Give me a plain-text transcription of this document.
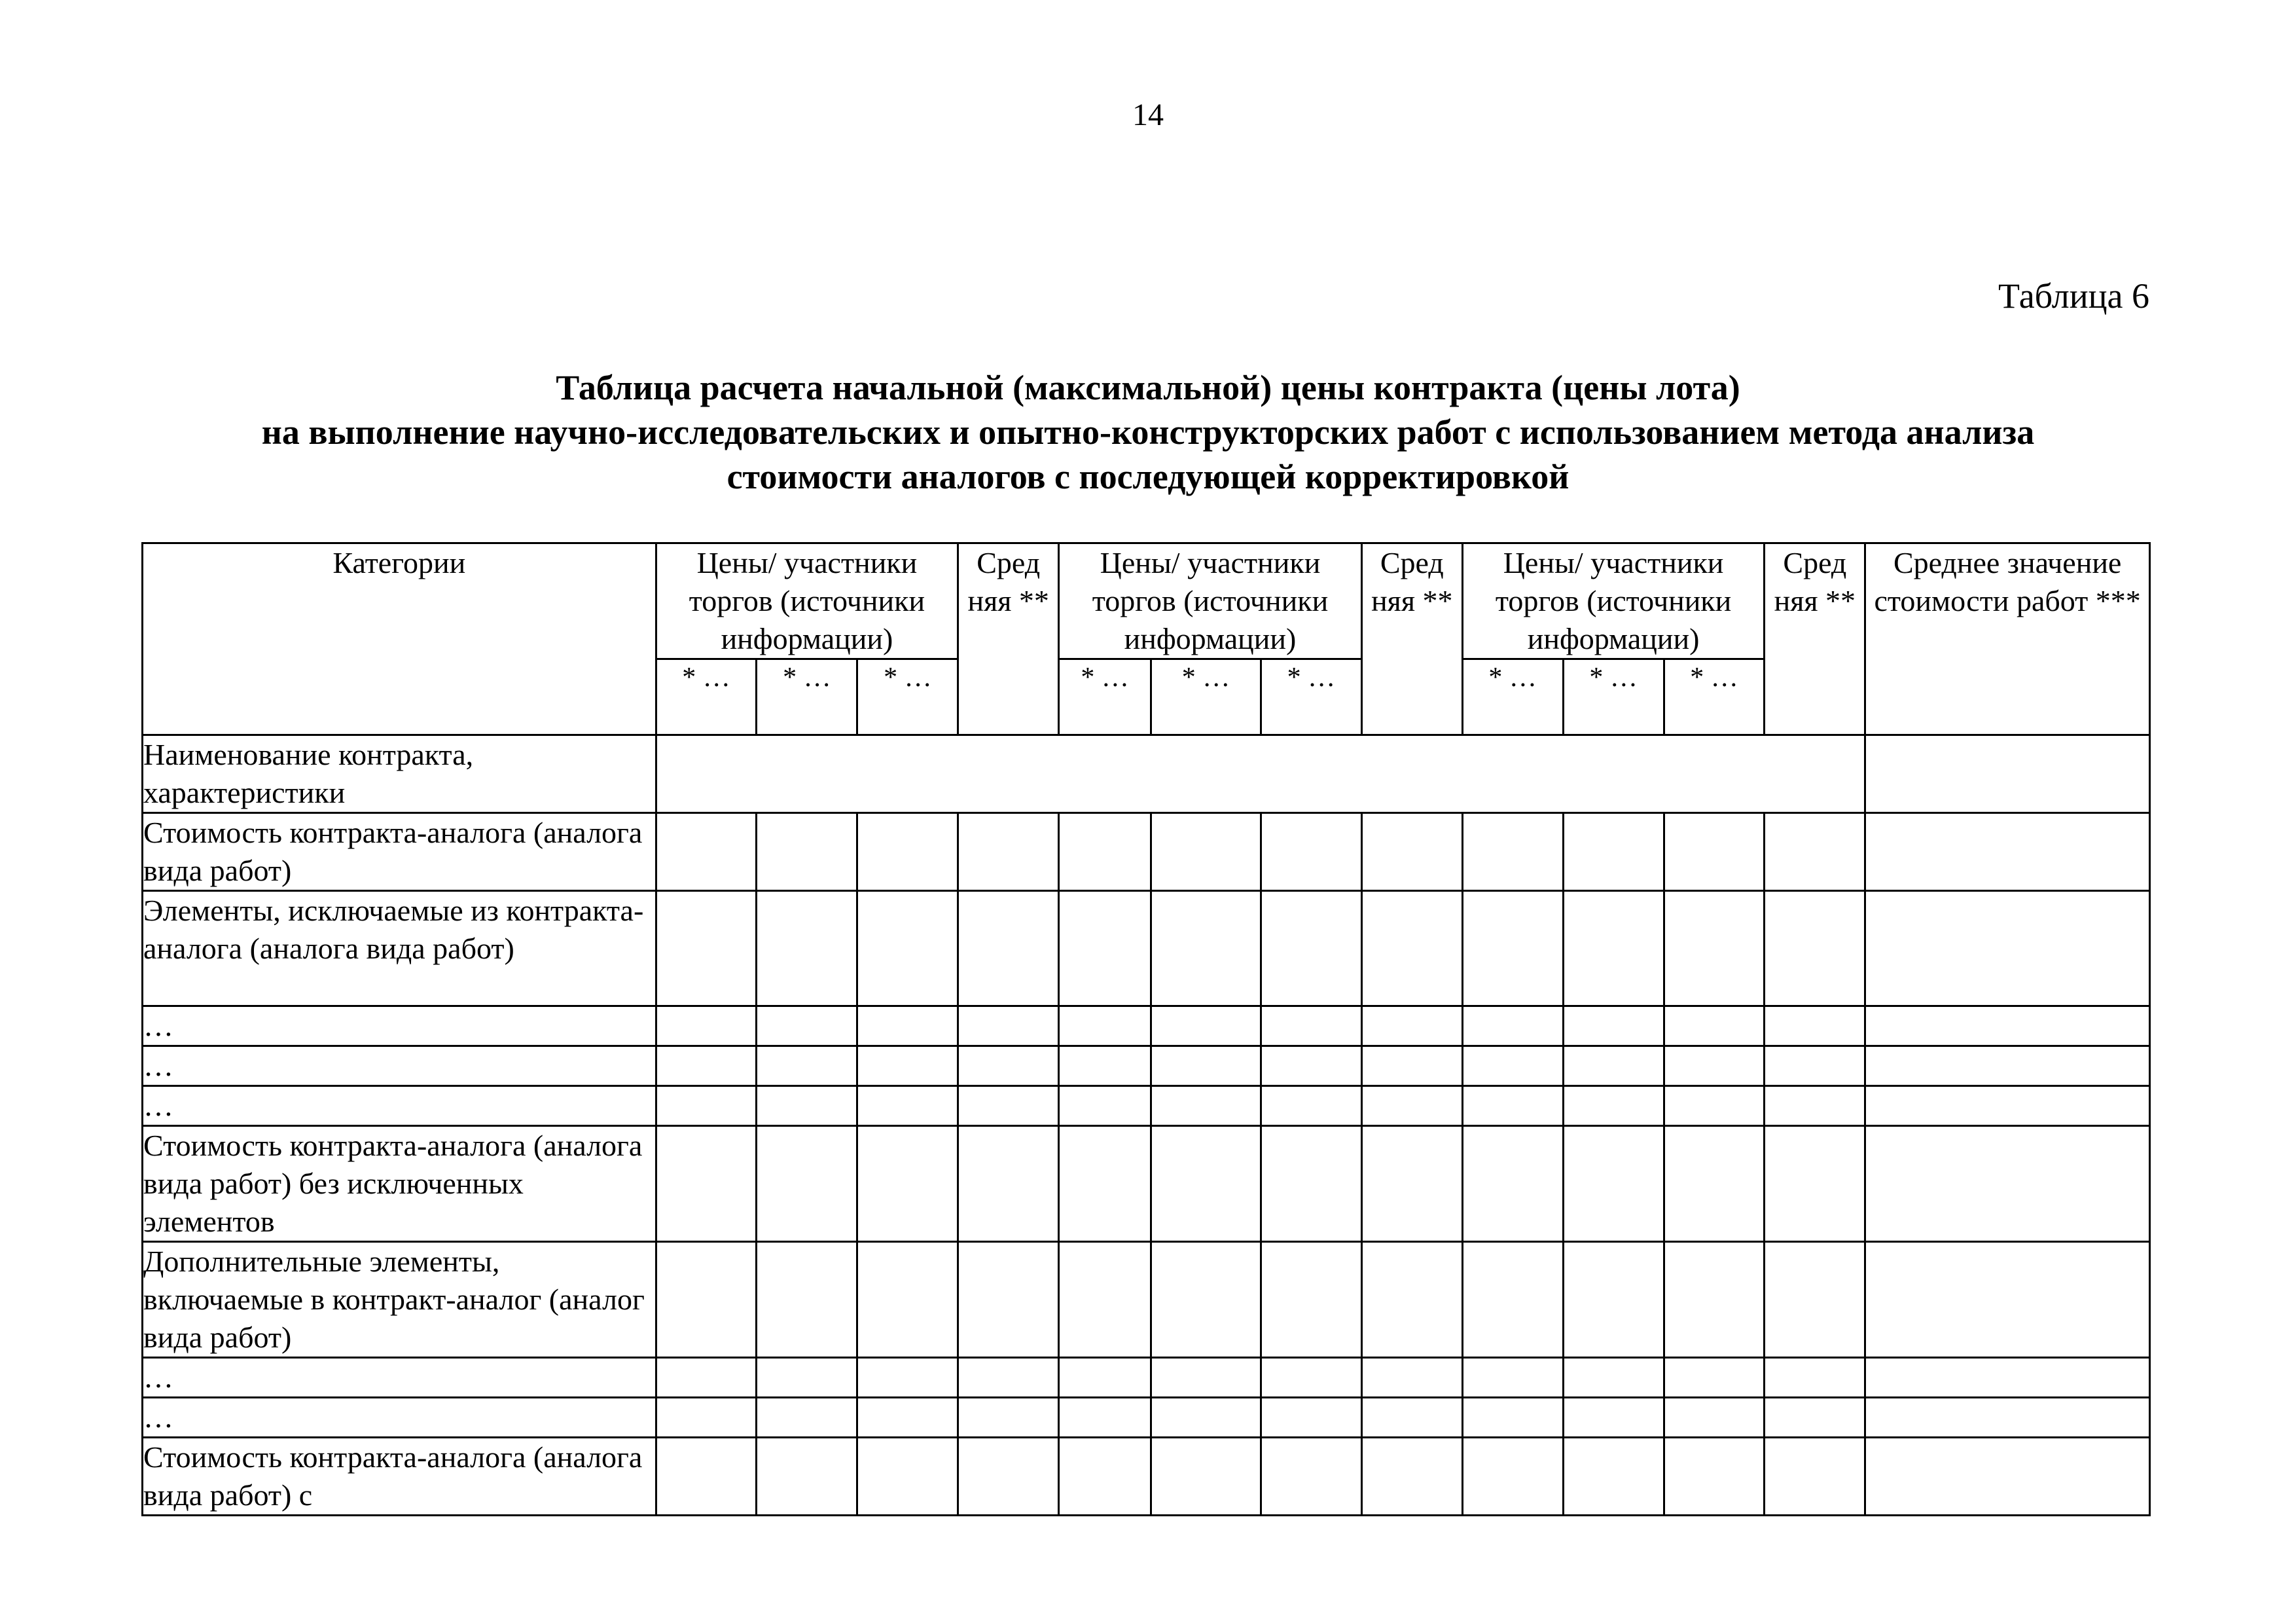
14
Таблица 6
Таблица расчета начальной (максимальной) цены контракта (цены лота)
на выполнение научно-исследовательских и опытно-конструкторских работ с использованием метода анализа
стоимости аналогов с последующей корректировкой
Категории	Цены/ участники торгов (источники информации)			Сред няя **	Цены/ участники торгов (источники информации)			Сред няя **	Цены/ участники торгов (источники информации)			Сред няя **	Среднее значение стоимости работ ***
	* …	* …	* …		* …	* …	* …		* …	* …	* …		
Наименование контракта, характеристики													
Стоимость контракта-аналога (аналога вида работ)													
Элементы, исключаемые из контракта-аналога (аналога вида работ)													
…													
…													
…													
Стоимость контракта-аналога (аналога вида работ) без исключенных элементов													
Дополнительные элементы, включаемые в контракт-аналог (аналог вида работ)													
…													
…													
Стоимость контракта-аналога (аналога вида работ) с													
